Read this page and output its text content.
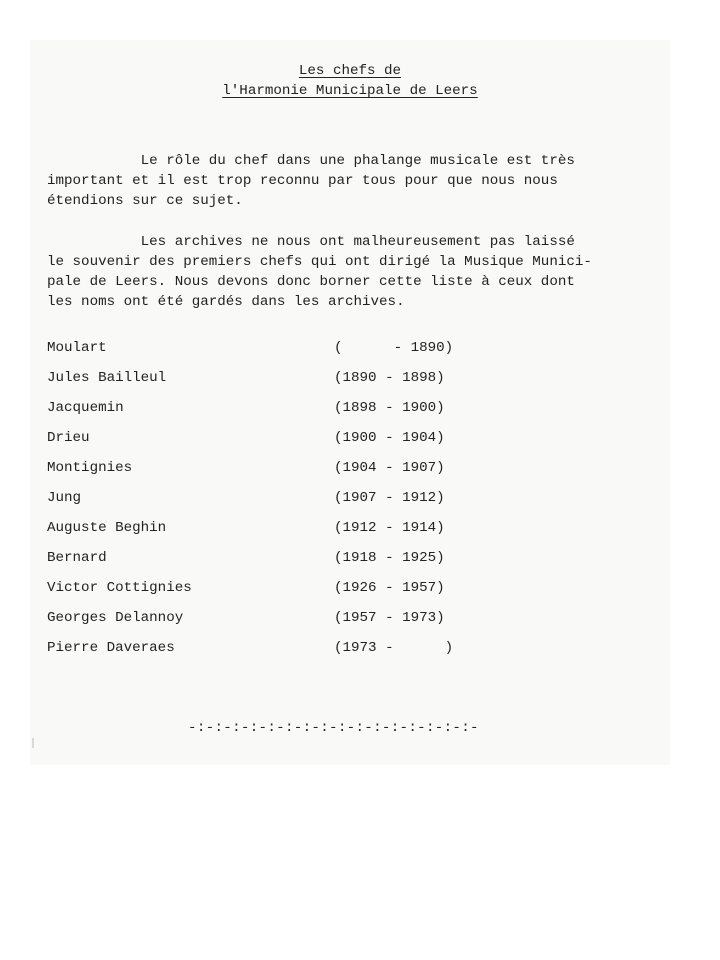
Les chefs de
l'Harmonie Municipale de Leers
Le rôle du chef dans une phalange musicale est très
important et il est trop reconnu par tous pour que nous nous
étendions sur ce sujet.
Les archives ne nous ont malheureusement pas laissé
le souvenir des premiers chefs qui ont dirigé la Musique Munici-
pale de Leers. Nous devons donc borner cette liste à ceux dont
les noms ont été gardés dans les archives.
Moulart	(      - 1890)
Jules Bailleul	(1890 - 1898)
Jacquemin	(1898 - 1900)
Drieu	(1900 - 1904)
Montignies	(1904 - 1907)
Jung	(1907 - 1912)
Auguste Beghin	(1912 - 1914)
Bernard	(1918 - 1925)
Victor Cottignies	(1926 - 1957)
Georges Delannoy	(1957 - 1973)
Pierre Daveraes	(1973 -      )
-:-:-:-:-:-:-:-:-:-:-:-:-:-:-:-:-
